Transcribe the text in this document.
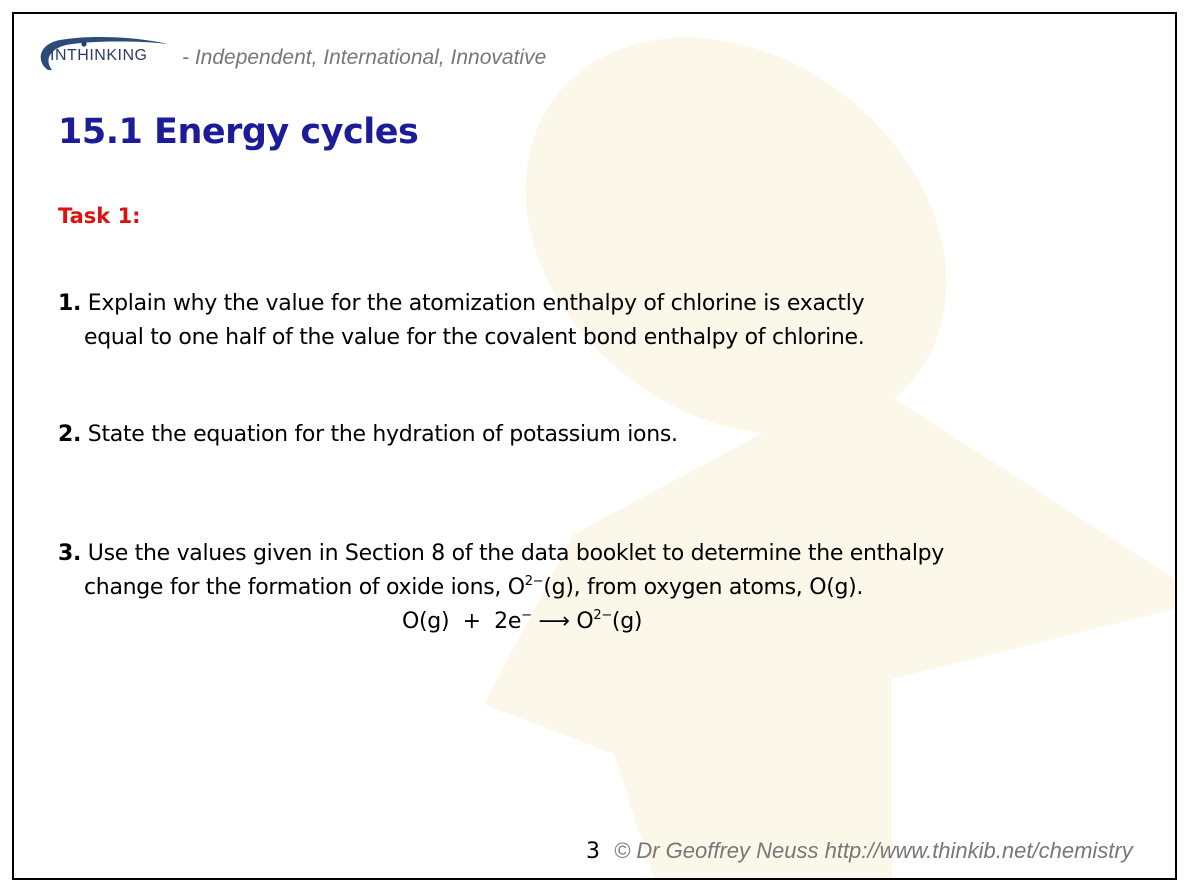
INTHINKING - Independent, International, Innovative
15.1 Energy cycles
Task 1:
1. Explain why the value for the atomization enthalpy of chlorine is exactly
equal to one half of the value for the covalent bond enthalpy of chlorine.
2. State the equation for the hydration of potassium ions.
3. Use the values given in Section 8 of the data booklet to determine the enthalpy
change for the formation of oxide ions, $O^{2-}(g)$, from oxygen atoms, O(g).
O(g)  +  2e− ⟶ $O^{2-}(g)$
3 © Dr Geoffrey Neuss http://www.thinkib.net/chemistry
